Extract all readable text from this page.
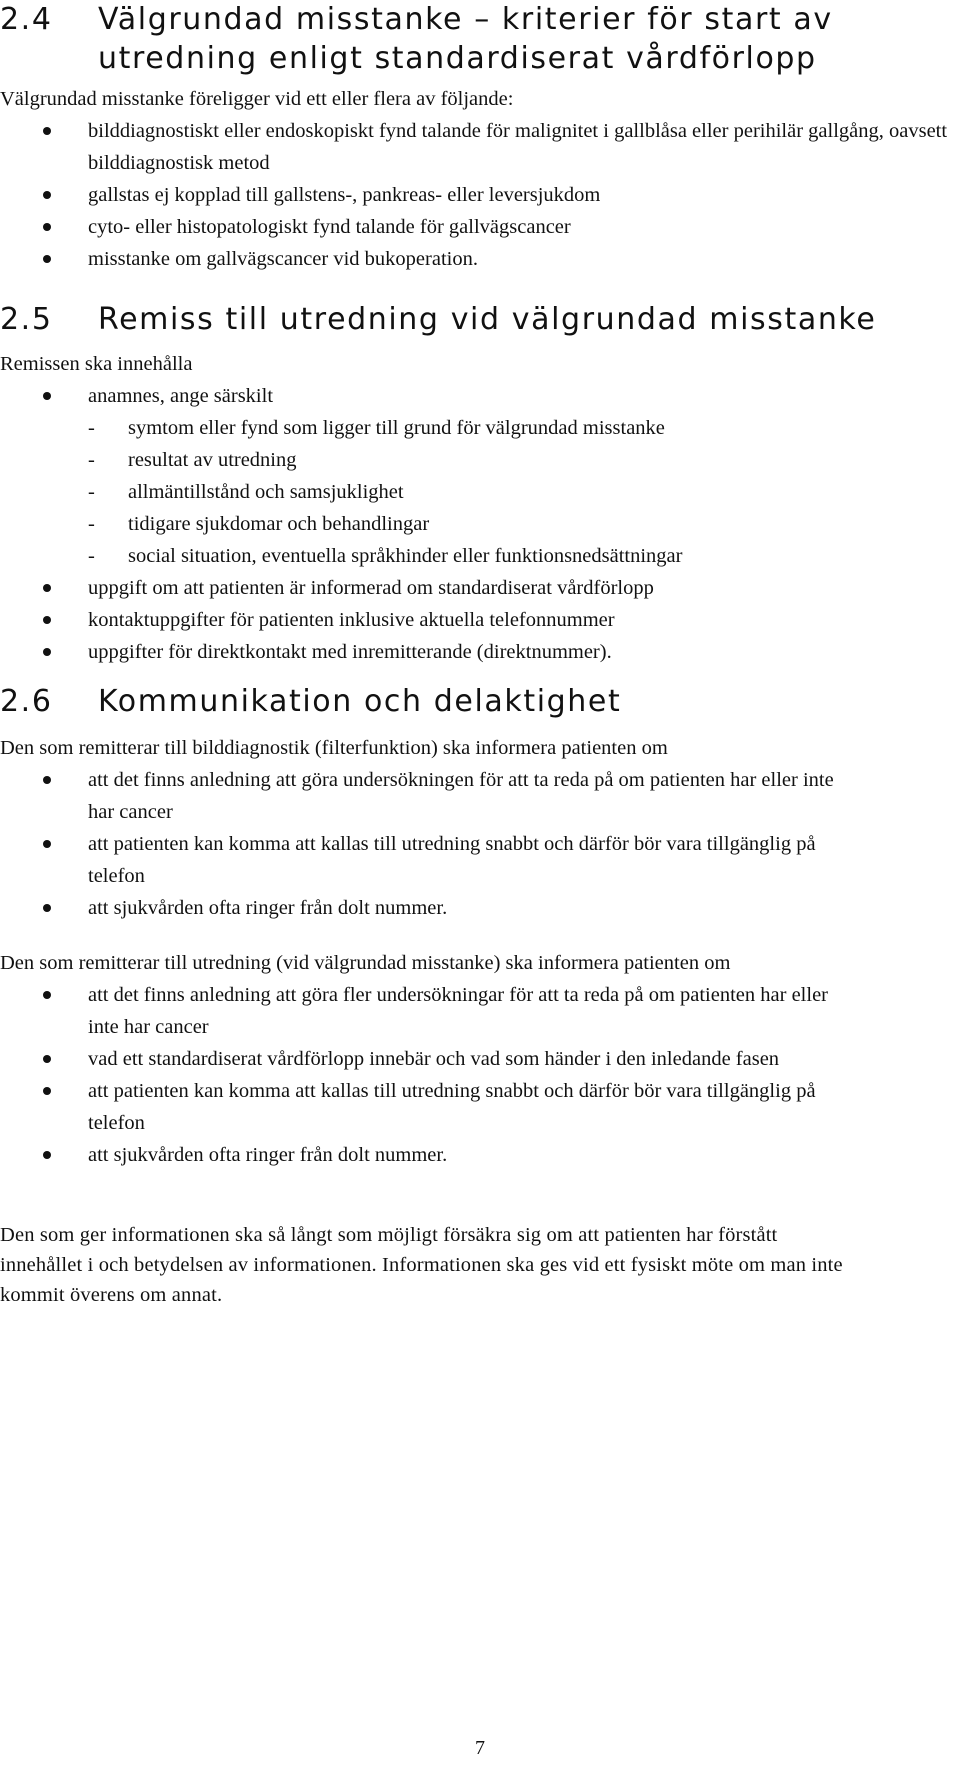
2.4 Välgrundad misstanke – kriterier för start av
utredning enligt standardiserat vårdförlopp

Välgrundad misstanke föreligger vid ett eller flera av följande:

bilddiagnostiskt eller endoskopiskt fynd talande för malignitet i gallblåsa eller perihilär gallgång, oavsett bilddiagnostisk metod
gallstas ej kopplad till gallstens-, pankreas- eller leversjukdom
cyto- eller histopatologiskt fynd talande för gallvägscancer
misstanke om gallvägscancer vid bukoperation.
2.5 Remiss till utredning vid välgrundad misstanke

Remissen ska innehålla

anamnes, ange särskilt
- symtom eller fynd som ligger till grund för välgrundad misstanke
- resultat av utredning
- allmäntillstånd och samsjuklighet
- tidigare sjukdomar och behandlingar
- social situation, eventuella språkhinder eller funktionsnedsättningar
uppgift om att patienten är informerad om standardiserat vårdförlopp
kontaktuppgifter för patienten inklusive aktuella telefonnummer
uppgifter för direktkontakt med inremitterande (direktnummer).
2.6 Kommunikation och delaktighet

Den som remitterar till bilddiagnostik (filterfunktion) ska informera patienten om

att det finns anledning att göra undersökningen för att ta reda på om patienten har eller inte har cancer
att patienten kan komma att kallas till utredning snabbt och därför bör vara tillgänglig på telefon
att sjukvården ofta ringer från dolt nummer.

Den som remitterar till utredning (vid välgrundad misstanke) ska informera patienten om

att det finns anledning att göra fler undersökningar för att ta reda på om patienten har eller inte har cancer
vad ett standardiserat vårdförlopp innebär och vad som händer i den inledande fasen
att patienten kan komma att kallas till utredning snabbt och därför bör vara tillgänglig på telefon
att sjukvården ofta ringer från dolt nummer.

Den som ger informationen ska så långt som möjligt försäkra sig om att patienten har förstått innehållet i och betydelsen av informationen. Informationen ska ges vid ett fysiskt möte om man inte kommit överens om annat.

7
